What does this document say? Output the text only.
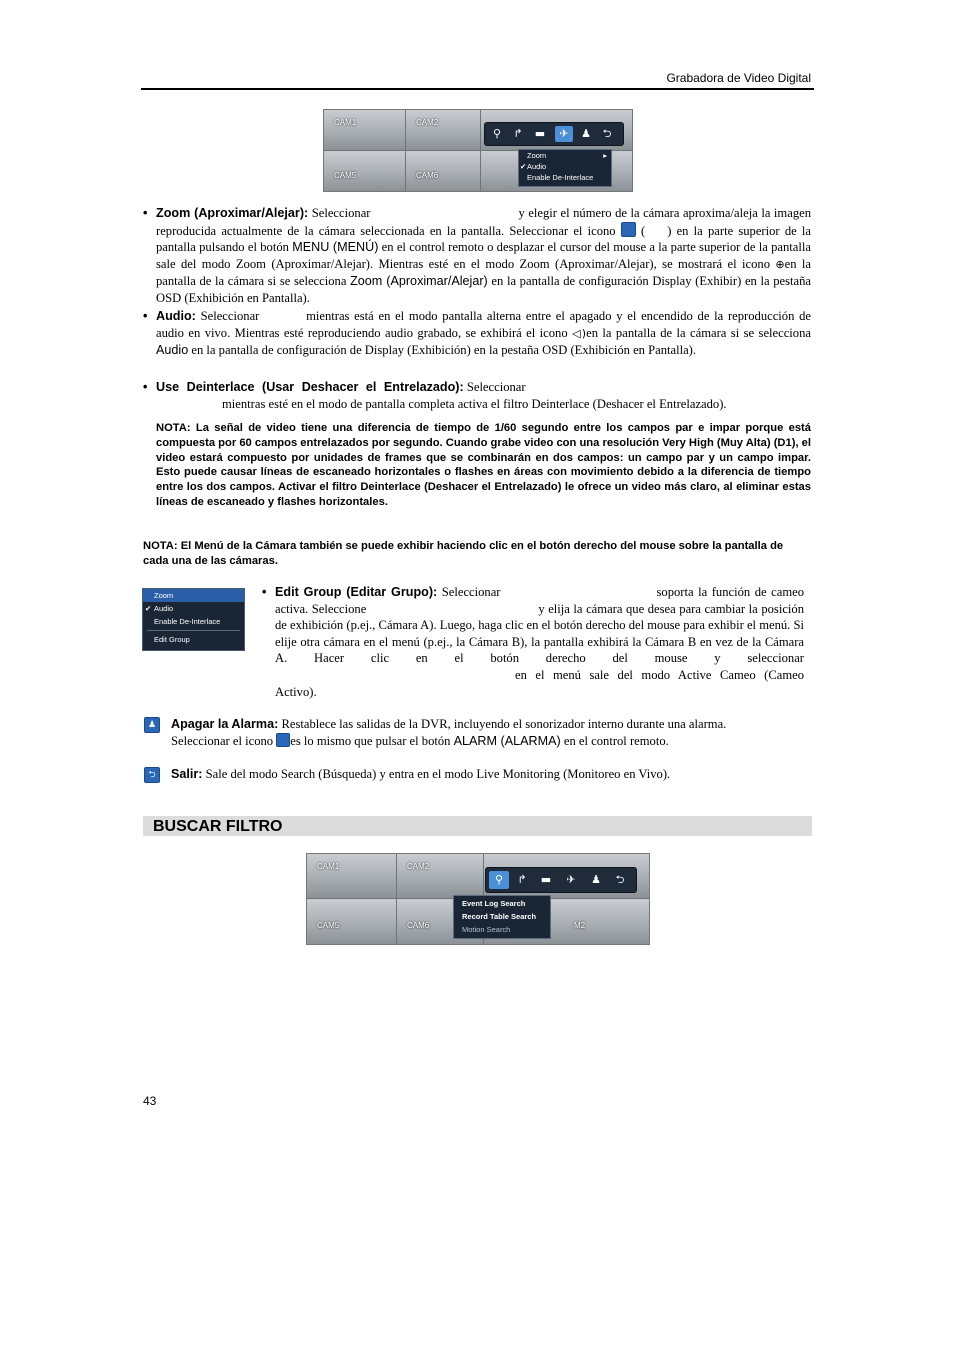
Grabadora de Video Digital
CAM1	CAM2
CAM5	CAM6
⚲	↱	▬	✈	♟	⮌
Zoom	▸
✔ Audio
Enable De-Interlace
• Zoom (Aproximar/Alejar): Seleccionar	y elegir el número de la cámara aproxima/aleja la imagen reproducida actualmente de la cámara seleccionada en la pantalla. Seleccionar el icono ( ) en la parte superior de la pantalla pulsando el botón MENU (MENÚ) en el control remoto o desplazar el cursor del mouse a la parte superior de la pantalla sale del modo Zoom (Aproximar/Alejar). Mientras esté en el modo Zoom (Aproximar/Alejar), se mostrará el icono ⊕en la pantalla de la cámara si se selecciona Zoom (Aproximar/Alejar) en la pantalla de configuración Display (Exhibir) en la pestaña OSD (Exhibición en Pantalla).
• Audio: Seleccionar	mientras está en el modo pantalla alterna entre el apagado y el encendido de la reproducción de audio en vivo. Mientras esté reproduciendo audio grabado, se exhibirá el icono ◁)en la pantalla de la cámara si se selecciona Audio en la pantalla de configuración de Display (Exhibición) en la pestaña OSD (Exhibición en Pantalla).
• Use Deinterlace (Usar Deshacer el Entrelazado): Seleccionar
mientras esté en el modo de pantalla completa activa el filtro Deinterlace (Deshacer el Entrelazado).
NOTA: La señal de video tiene una diferencia de tiempo de 1/60 segundo entre los campos par e impar porque está compuesta por 60 campos entrelazados por segundo. Cuando grabe video con una resolución Very High (Muy Alta) (D1), el video estará compuesto por unidades de frames que se combinarán en dos campos: un campo par y un campo impar. Esto puede causar líneas de escaneado horizontales o flashes en áreas con movimiento debido a la diferencia de tiempo entre los dos campos. Activar el filtro Deinterlace (Deshacer el Entrelazado) le ofrece un video más claro, al eliminar estas líneas de escaneado y flashes horizontales.
NOTA: El Menú de la Cámara también se puede exhibir haciendo clic en el botón derecho del mouse sobre la pantalla de cada una de las cámaras.
Zoom
✔ Audio
Enable De-Interlace
Edit Group
• Edit Group (Editar Grupo): Seleccionar	soporta la función de cameo activa. Seleccione	y elija la cámara que desea para cambiar la posición de exhibición (p.ej., Cámara A). Luego, haga clic en el botón derecho del mouse para exhibir el menú. Si elije otra cámara en el menú (p.ej., la Cámara B), la pantalla exhibirá la Cámara B en vez de la Cámara A. Hacer clic en el botón derecho del mouse y seleccionaren el menú sale del modo Active Cameo (Cameo Activo).
♟	Apagar la Alarma: Restablece las salidas de la DVR, incluyendo el sonorizador interno durante una alarma.
Seleccionar el icono es lo mismo que pulsar el botón ALARM (ALARMA) en el control remoto.
⮌	Salir: Sale del modo Search (Búsqueda) y entra en el modo Live Monitoring (Monitoreo en Vivo).
BUSCAR FILTRO
CAM1	CAM2
CAM5	CAM6	M2
⚲	↱	▬	✈	♟	⮌
Event Log Search
Record Table Search
Motion Search
43
